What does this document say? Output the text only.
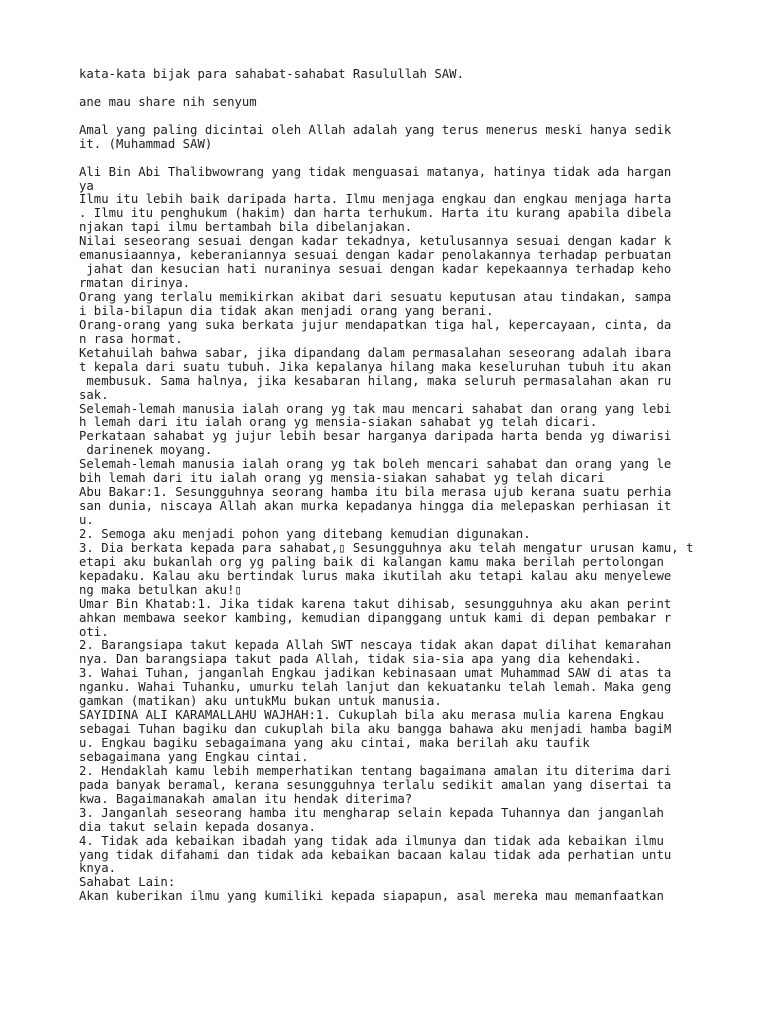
kata-kata bijak para sahabat-sahabat Rasulullah SAW.
ane mau share nih senyum
Amal yang paling dicintai oleh Allah adalah yang terus menerus meski hanya sedik
it. (Muhammad SAW)
Ali Bin Abi Thalibwowrang yang tidak menguasai matanya, hatinya tidak ada hargan
ya
Ilmu itu lebih baik daripada harta. Ilmu menjaga engkau dan engkau menjaga harta
. Ilmu itu penghukum (hakim) dan harta terhukum. Harta itu kurang apabila dibela
njakan tapi ilmu bertambah bila dibelanjakan.
Nilai seseorang sesuai dengan kadar tekadnya, ketulusannya sesuai dengan kadar k
emanusiaannya, keberaniannya sesuai dengan kadar penolakannya terhadap perbuatan
jahat dan kesucian hati nuraninya sesuai dengan kadar kepekaannya terhadap keho
rmatan dirinya.
Orang yang terlalu memikirkan akibat dari sesuatu keputusan atau tindakan, sampa
i bila-bilapun dia tidak akan menjadi orang yang berani.
Orang-orang yang suka berkata jujur mendapatkan tiga hal, kepercayaan, cinta, da
n rasa hormat.
Ketahuilah bahwa sabar, jika dipandang dalam permasalahan seseorang adalah ibara
t kepala dari suatu tubuh. Jika kepalanya hilang maka keseluruhan tubuh itu akan
membusuk. Sama halnya, jika kesabaran hilang, maka seluruh permasalahan akan ru
sak.
Selemah-lemah manusia ialah orang yg tak mau mencari sahabat dan orang yang lebi
h lemah dari itu ialah orang yg mensia-siakan sahabat yg telah dicari.
Perkataan sahabat yg jujur lebih besar harganya daripada harta benda yg diwarisi
darinenek moyang.
Selemah-lemah manusia ialah orang yg tak boleh mencari sahabat dan orang yang le
bih lemah dari itu ialah orang yg mensia-siakan sahabat yg telah dicari
Abu Bakar:1. Sesungguhnya seorang hamba itu bila merasa ujub kerana suatu perhia
san dunia, niscaya Allah akan murka kepadanya hingga dia melepaskan perhiasan it
u.
2. Semoga aku menjadi pohon yang ditebang kemudian digunakan.
3. Dia berkata kepada para sahabat,▯ Sesungguhnya aku telah mengatur urusan kamu, t
etapi aku bukanlah org yg paling baik di kalangan kamu maka berilah pertolongan
kepadaku. Kalau aku bertindak lurus maka ikutilah aku tetapi kalau aku menyelewe
ng maka betulkan aku!▯
Umar Bin Khatab:1. Jika tidak karena takut dihisab, sesungguhnya aku akan perint
ahkan membawa seekor kambing, kemudian dipanggang untuk kami di depan pembakar r
oti.
2. Barangsiapa takut kepada Allah SWT nescaya tidak akan dapat dilihat kemarahan
nya. Dan barangsiapa takut pada Allah, tidak sia-sia apa yang dia kehendaki.
3. Wahai Tuhan, janganlah Engkau jadikan kebinasaan umat Muhammad SAW di atas ta
nganku. Wahai Tuhanku, umurku telah lanjut dan kekuatanku telah lemah. Maka geng
gamkan (matikan) aku untukMu bukan untuk manusia.
SAYIDINA ALI KARAMALLAHU WAJHAH:1. Cukuplah bila aku merasa mulia karena Engkau
sebagai Tuhan bagiku dan cukuplah bila aku bangga bahawa aku menjadi hamba bagiM
u. Engkau bagiku sebagaimana yang aku cintai, maka berilah aku taufik
sebagaimana yang Engkau cintai.
2. Hendaklah kamu lebih memperhatikan tentang bagaimana amalan itu diterima dari
pada banyak beramal, kerana sesungguhnya terlalu sedikit amalan yang disertai ta
kwa. Bagaimanakah amalan itu hendak diterima?
3. Janganlah seseorang hamba itu mengharap selain kepada Tuhannya dan janganlah
dia takut selain kepada dosanya.
4. Tidak ada kebaikan ibadah yang tidak ada ilmunya dan tidak ada kebaikan ilmu
yang tidak difahami dan tidak ada kebaikan bacaan kalau tidak ada perhatian untu
knya.
Sahabat Lain:
Akan kuberikan ilmu yang kumiliki kepada siapapun, asal mereka mau memanfaatkan
